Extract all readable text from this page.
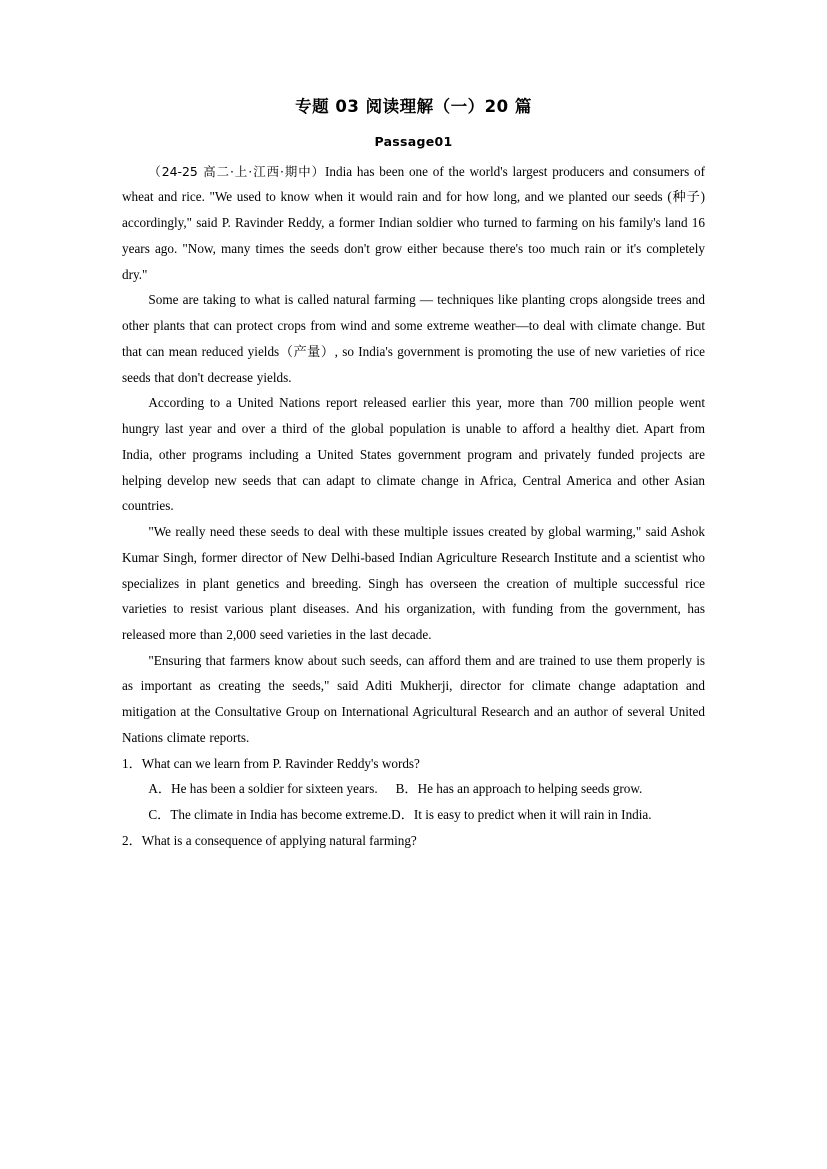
专题 03 阅读理解（一）20 篇
Passage01

（24-25 高二·上·江西·期中）India has been one of the world's largest producers and consumers of wheat and rice. "We used to know when it would rain and for how long, and we planted our seeds (种子) accordingly," said P. Ravinder Reddy, a former Indian soldier who turned to farming on his family's land 16 years ago. "Now, many times the seeds don't grow either because there's too much rain or it's completely dry."

Some are taking to what is called natural farming — techniques like planting crops alongside trees and other plants that can protect crops from wind and some extreme weather—to deal with climate change. But that can mean reduced yields（产量）, so India's government is promoting the use of new varieties of rice seeds that don't decrease yields.

According to a United Nations report released earlier this year, more than 700 million people went hungry last year and over a third of the global population is unable to afford a healthy diet. Apart from India, other programs including a United States government program and privately funded projects are helping develop new seeds that can adapt to climate change in Africa, Central America and other Asian countries.

"We really need these seeds to deal with these multiple issues created by global warming," said Ashok Kumar Singh, former director of New Delhi-based Indian Agriculture Research Institute and a scientist who specializes in plant genetics and breeding. Singh has overseen the creation of multiple successful rice varieties to resist various plant diseases. And his organization, with funding from the government, has released more than 2,000 seed varieties in the last decade.

"Ensuring that farmers know about such seeds, can afford them and are trained to use them properly is as important as creating the seeds," said Aditi Mukherji, director for climate change adaptation and mitigation at the Consultative Group on International Agricultural Research and an author of several United Nations climate reports.

1．What can we learn from P. Ravinder Reddy's words?

A．He has been a soldier for sixteen years. B．He has an approach to helping seeds grow.

C．The climate in India has become extreme.D．It is easy to predict when it will rain in India.

2．What is a consequence of applying natural farming?
